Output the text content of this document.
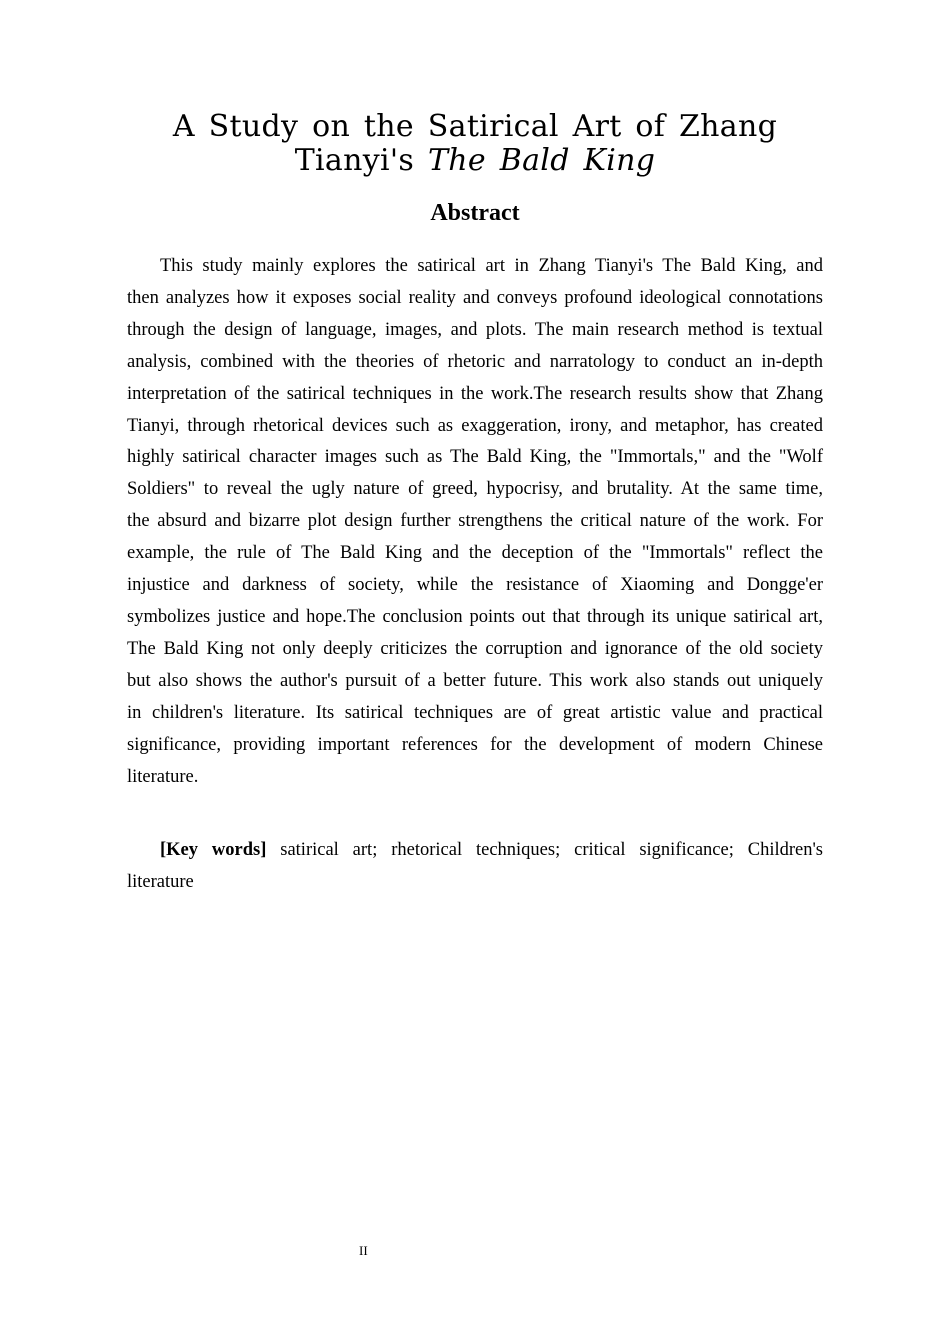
A Study on the Satirical Art of Zhang
Tianyi's The Bald King
Abstract

This study mainly explores the satirical art in Zhang Tianyi's The Bald King, and then analyzes how it exposes social reality and conveys profound ideological connotations through the design of language, images, and plots. The main research method is textual analysis, combined with the theories of rhetoric and narratology to conduct an in-depth interpretation of the satirical techniques in the work.The research results show that Zhang Tianyi, through rhetorical devices such as exaggeration, irony, and metaphor, has created highly satirical character images such as The Bald King, the "Immortals," and the "Wolf Soldiers" to reveal the ugly nature of greed, hypocrisy, and brutality. At the same time, the absurd and bizarre plot design further strengthens the critical nature of the work. For example, the rule of The Bald King and the deception of the "Immortals" reflect the injustice and darkness of society, while the resistance of Xiaoming and Dongge'er symbolizes justice and hope.The conclusion points out that through its unique satirical art, The Bald King not only deeply criticizes the corruption and ignorance of the old society but also shows the author's pursuit of a better future. This work also stands out uniquely in children's literature. Its satirical techniques are of great artistic value and practical significance, providing important references for the development of modern Chinese literature.

[Key words] satirical art; rhetorical techniques; critical significance; Children's literature

II
